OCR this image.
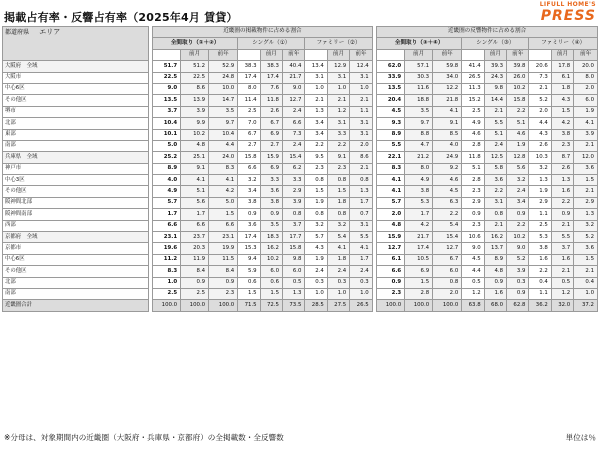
掲載占有率・反響占有率（2025年4月 賃貸）
LIFULL HOME'S
PRESS
都道府県 エリア		近畿圏の掲載物件に占める割合										近畿圏の反響物件に占める割合								
		全間取り（①＋②）			シングル（①）			ファミリー（②）				全間取り（③＋④）			シングル（③）			ファミリー（④）		
			前月	前年		前月	前年		前月	前年			前月	前年		前月	前年		前月	前年
大阪府　全域		51.7	51.2	52.9	38.3	38.3	40.4	13.4	12.9	12.4		62.0	57.1	59.8	41.4	39.3	39.8	20.6	17.8	20.0
大阪市		22.5	22.5	24.8	17.4	17.4	21.7	3.1	3.1	3.1		33.9	30.3	34.0	26.5	24.3	26.0	7.3	6.1	8.0
中心6区		9.0	8.6	10.0	8.0	7.6	9.0	1.0	1.0	1.0		13.5	11.6	12.2	11.3	9.8	10.2	2.1	1.8	2.0
その他区		13.5	13.9	14.7	11.4	11.8	12.7	2.1	2.1	2.1		20.4	18.8	21.8	15.2	14.4	15.8	5.2	4.3	6.0
堺市		3.7	3.9	3.5	2.5	2.6	2.4	1.3	1.2	1.1		4.5	3.5	4.1	2.5	2.1	2.2	2.0	1.5	1.9
北部		10.4	9.9	9.7	7.0	6.7	6.6	3.4	3.1	3.1		9.3	9.7	9.1	4.9	5.5	5.1	4.4	4.2	4.1
東部		10.1	10.2	10.4	6.7	6.9	7.3	3.4	3.3	3.1		8.9	8.8	8.5	4.6	5.1	4.6	4.3	3.8	3.9
南部		5.0	4.8	4.4	2.7	2.7	2.4	2.2	2.2	2.0		5.5	4.7	4.0	2.8	2.4	1.9	2.6	2.3	2.1
兵庫県　全域		25.2	25.1	24.0	15.8	15.9	15.4	9.5	9.1	8.6		22.1	21.2	24.9	11.8	12.5	12.8	10.3	8.7	12.0
神戸市		8.9	9.1	8.3	6.6	6.9	6.2	2.3	2.3	2.1		8.3	8.0	9.2	5.1	5.8	5.6	3.2	2.6	3.6
中心3区		4.0	4.1	4.1	3.2	3.3	3.3	0.8	0.8	0.8		4.1	4.9	4.6	2.8	3.6	3.2	1.3	1.3	1.5
その他区		4.9	5.1	4.2	3.4	3.6	2.9	1.5	1.5	1.3		4.1	3.8	4.5	2.3	2.2	2.4	1.9	1.6	2.1
阪神間北部		5.7	5.6	5.0	3.8	3.8	3.9	1.9	1.8	1.7		5.7	5.3	6.3	2.9	3.1	3.4	2.9	2.2	2.9
阪神間南部		1.7	1.7	1.5	0.9	0.9	0.8	0.8	0.8	0.7		2.0	1.7	2.2	0.9	0.8	0.9	1.1	0.9	1.3
西部		6.6	6.6	6.6	3.6	3.5	3.7	3.2	3.2	3.1		4.8	4.2	5.4	2.3	2.1	2.2	2.5	2.1	3.2
京都府　全域		23.1	23.7	23.1	17.4	18.3	17.7	5.7	5.4	5.5		15.9	21.7	15.4	10.6	16.2	10.2	5.3	5.5	5.2
京都市		19.6	20.3	19.9	15.3	16.2	15.8	4.3	4.1	4.1		12.7	17.4	12.7	9.0	13.7	9.0	3.8	3.7	3.6
中心6区		11.2	11.9	11.5	9.4	10.2	9.8	1.9	1.8	1.7		6.1	10.5	6.7	4.5	8.9	5.2	1.6	1.6	1.5
その他区		8.3	8.4	8.4	5.9	6.0	6.0	2.4	2.4	2.4		6.6	6.9	6.0	4.4	4.8	3.9	2.2	2.1	2.1
北部		1.0	0.9	0.9	0.6	0.6	0.5	0.3	0.3	0.3		0.9	1.5	0.8	0.5	0.9	0.3	0.4	0.5	0.4
南部		2.5	2.5	2.3	1.5	1.5	1.3	1.0	1.0	1.0		2.3	2.8	2.0	1.2	1.6	0.9	1.1	1.2	1.0
近畿圏合計		100.0	100.0	100.0	71.5	72.5	73.5	28.5	27.5	26.5		100.0	100.0	100.0	63.8	68.0	62.8	36.2	32.0	37.2
※分母は、対象期間内の近畿圏（大阪府・兵庫県・京都府）の全掲載数・全反響数	単位は％
